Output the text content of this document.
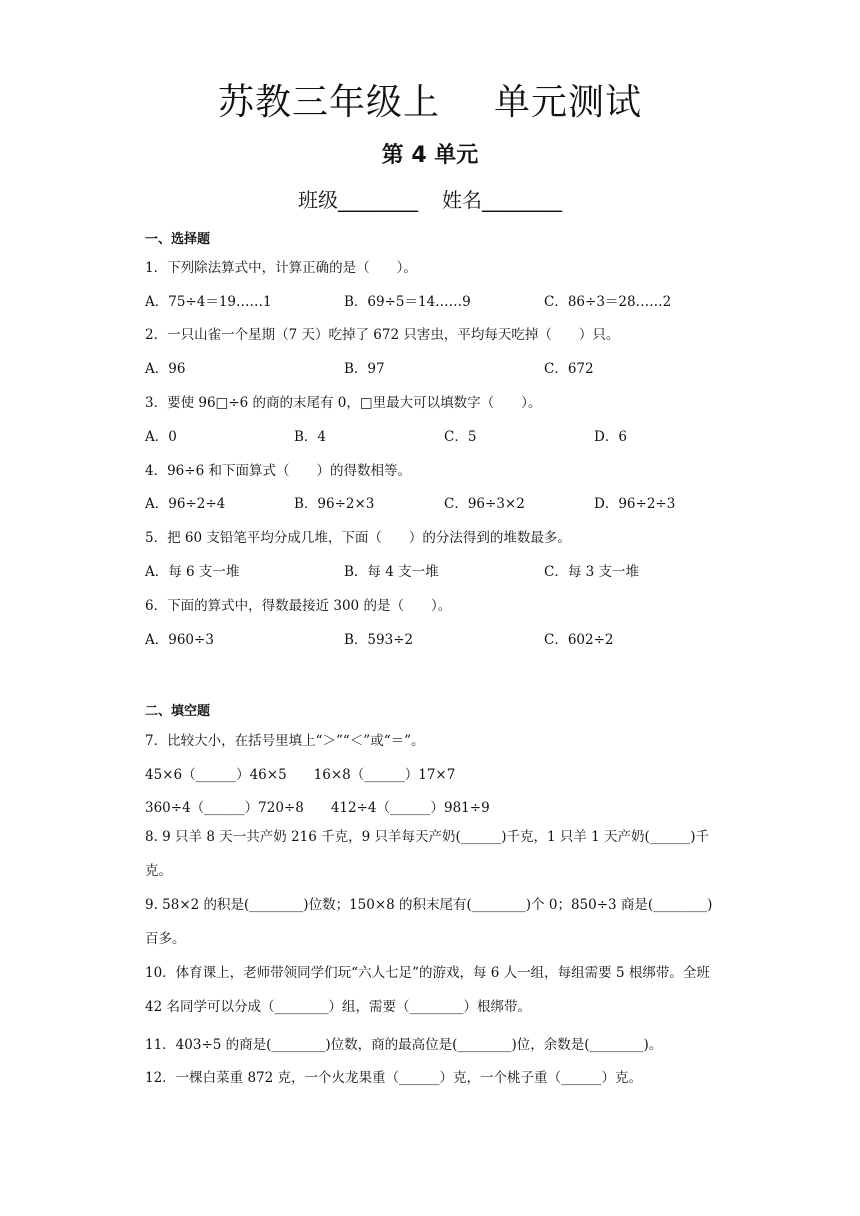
苏教三年级上 单元测试
第 4 单元
班级________ 姓名________
一、选择题
1．下列除法算式中，计算正确的是（　　）。
A．75÷4＝19……1	B．69÷5＝14……9	C．86÷3＝28……2
2．一只山雀一个星期（7 天）吃掉了 672 只害虫，平均每天吃掉（　　）只。
A．96	B．97	C．672
3．要使 96□÷6 的商的末尾有 0，□里最大可以填数字（　　）。
A．0	B．4	C．5	D．6
4．96÷6 和下面算式（　　）的得数相等。
A．96÷2÷4	B．96÷2×3	C．96÷3×2	D．96÷2÷3
5．把 60 支铅笔平均分成几堆，下面（　　）的分法得到的堆数最多。
A．每 6 支一堆	B．每 4 支一堆	C．每 3 支一堆
6．下面的算式中，得数最接近 300 的是（　　）。
A．960÷3	B．593÷2	C．602÷2
二、填空题
7．比较大小，在括号里填上“＞”“＜”或“＝”。
45×6（______）46×5　　16×8（______）17×7
360÷4（______）720÷8　　412÷4（______）981÷9
8. 9 只羊 8 天一共产奶 216 千克，9 只羊每天产奶(______)千克，1 只羊 1 天产奶(______)千克。
9. 58×2 的积是(________)位数；150×8 的积末尾有(________)个 0；850÷3 商是(________)百多。
10．体育课上，老师带领同学们玩“六人七足”的游戏，每 6 人一组，每组需要 5 根绑带。全班 42 名同学可以分成（________）组，需要（________）根绑带。
11．403÷5 的商是(________)位数，商的最高位是(________)位，余数是(________)。
12．一棵白菜重 872 克，一个火龙果重（______）克，一个桃子重（______）克。
